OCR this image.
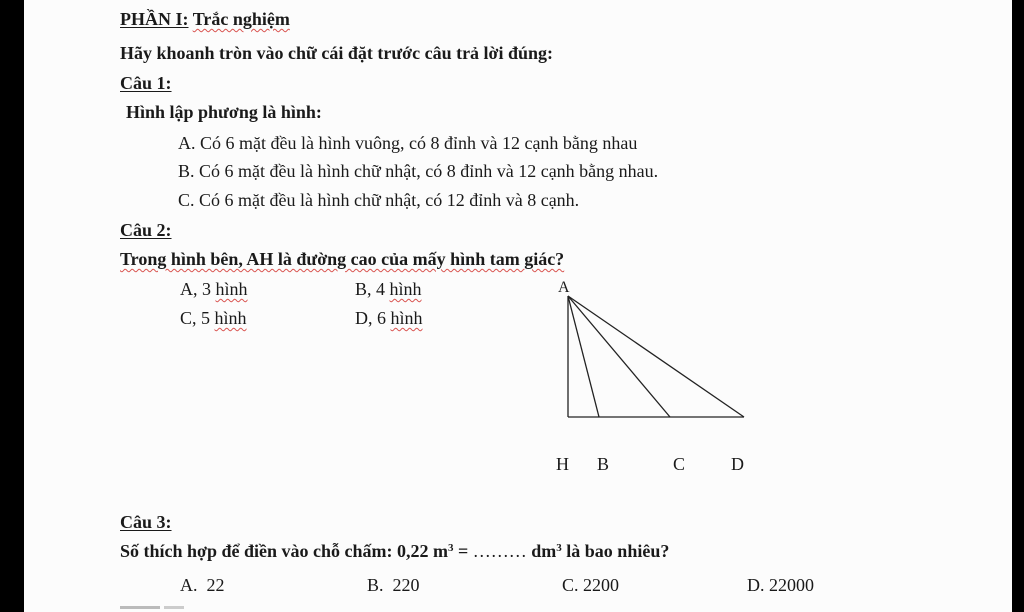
PHẦN I: Trắc nghiệm
Hãy khoanh tròn vào chữ cái đặt trước câu trả lời đúng:
Câu 1:
Hình lập phương là hình:
A. Có 6 mặt đều là hình vuông, có 8 đỉnh và 12 cạnh bằng nhau
B. Có 6 mặt đều là hình chữ nhật, có 8 đỉnh và 12 cạnh bằng nhau.
C. Có 6 mặt đều là hình chữ nhật, có 12 đỉnh và 8 cạnh.
Câu 2:
Trong hình bên, AH là đường cao của mấy hình tam giác?
A, 3 hình	B, 4 hình
C, 5 hình	D, 6 hình
A
H B	C	D
Câu 3:
Số thích hợp để điền vào chỗ chấm: 0,22 $m^3$ = ……… $dm^3$ là bao nhiêu?
A. 22	B. 220	C. 2200	D. 22000
